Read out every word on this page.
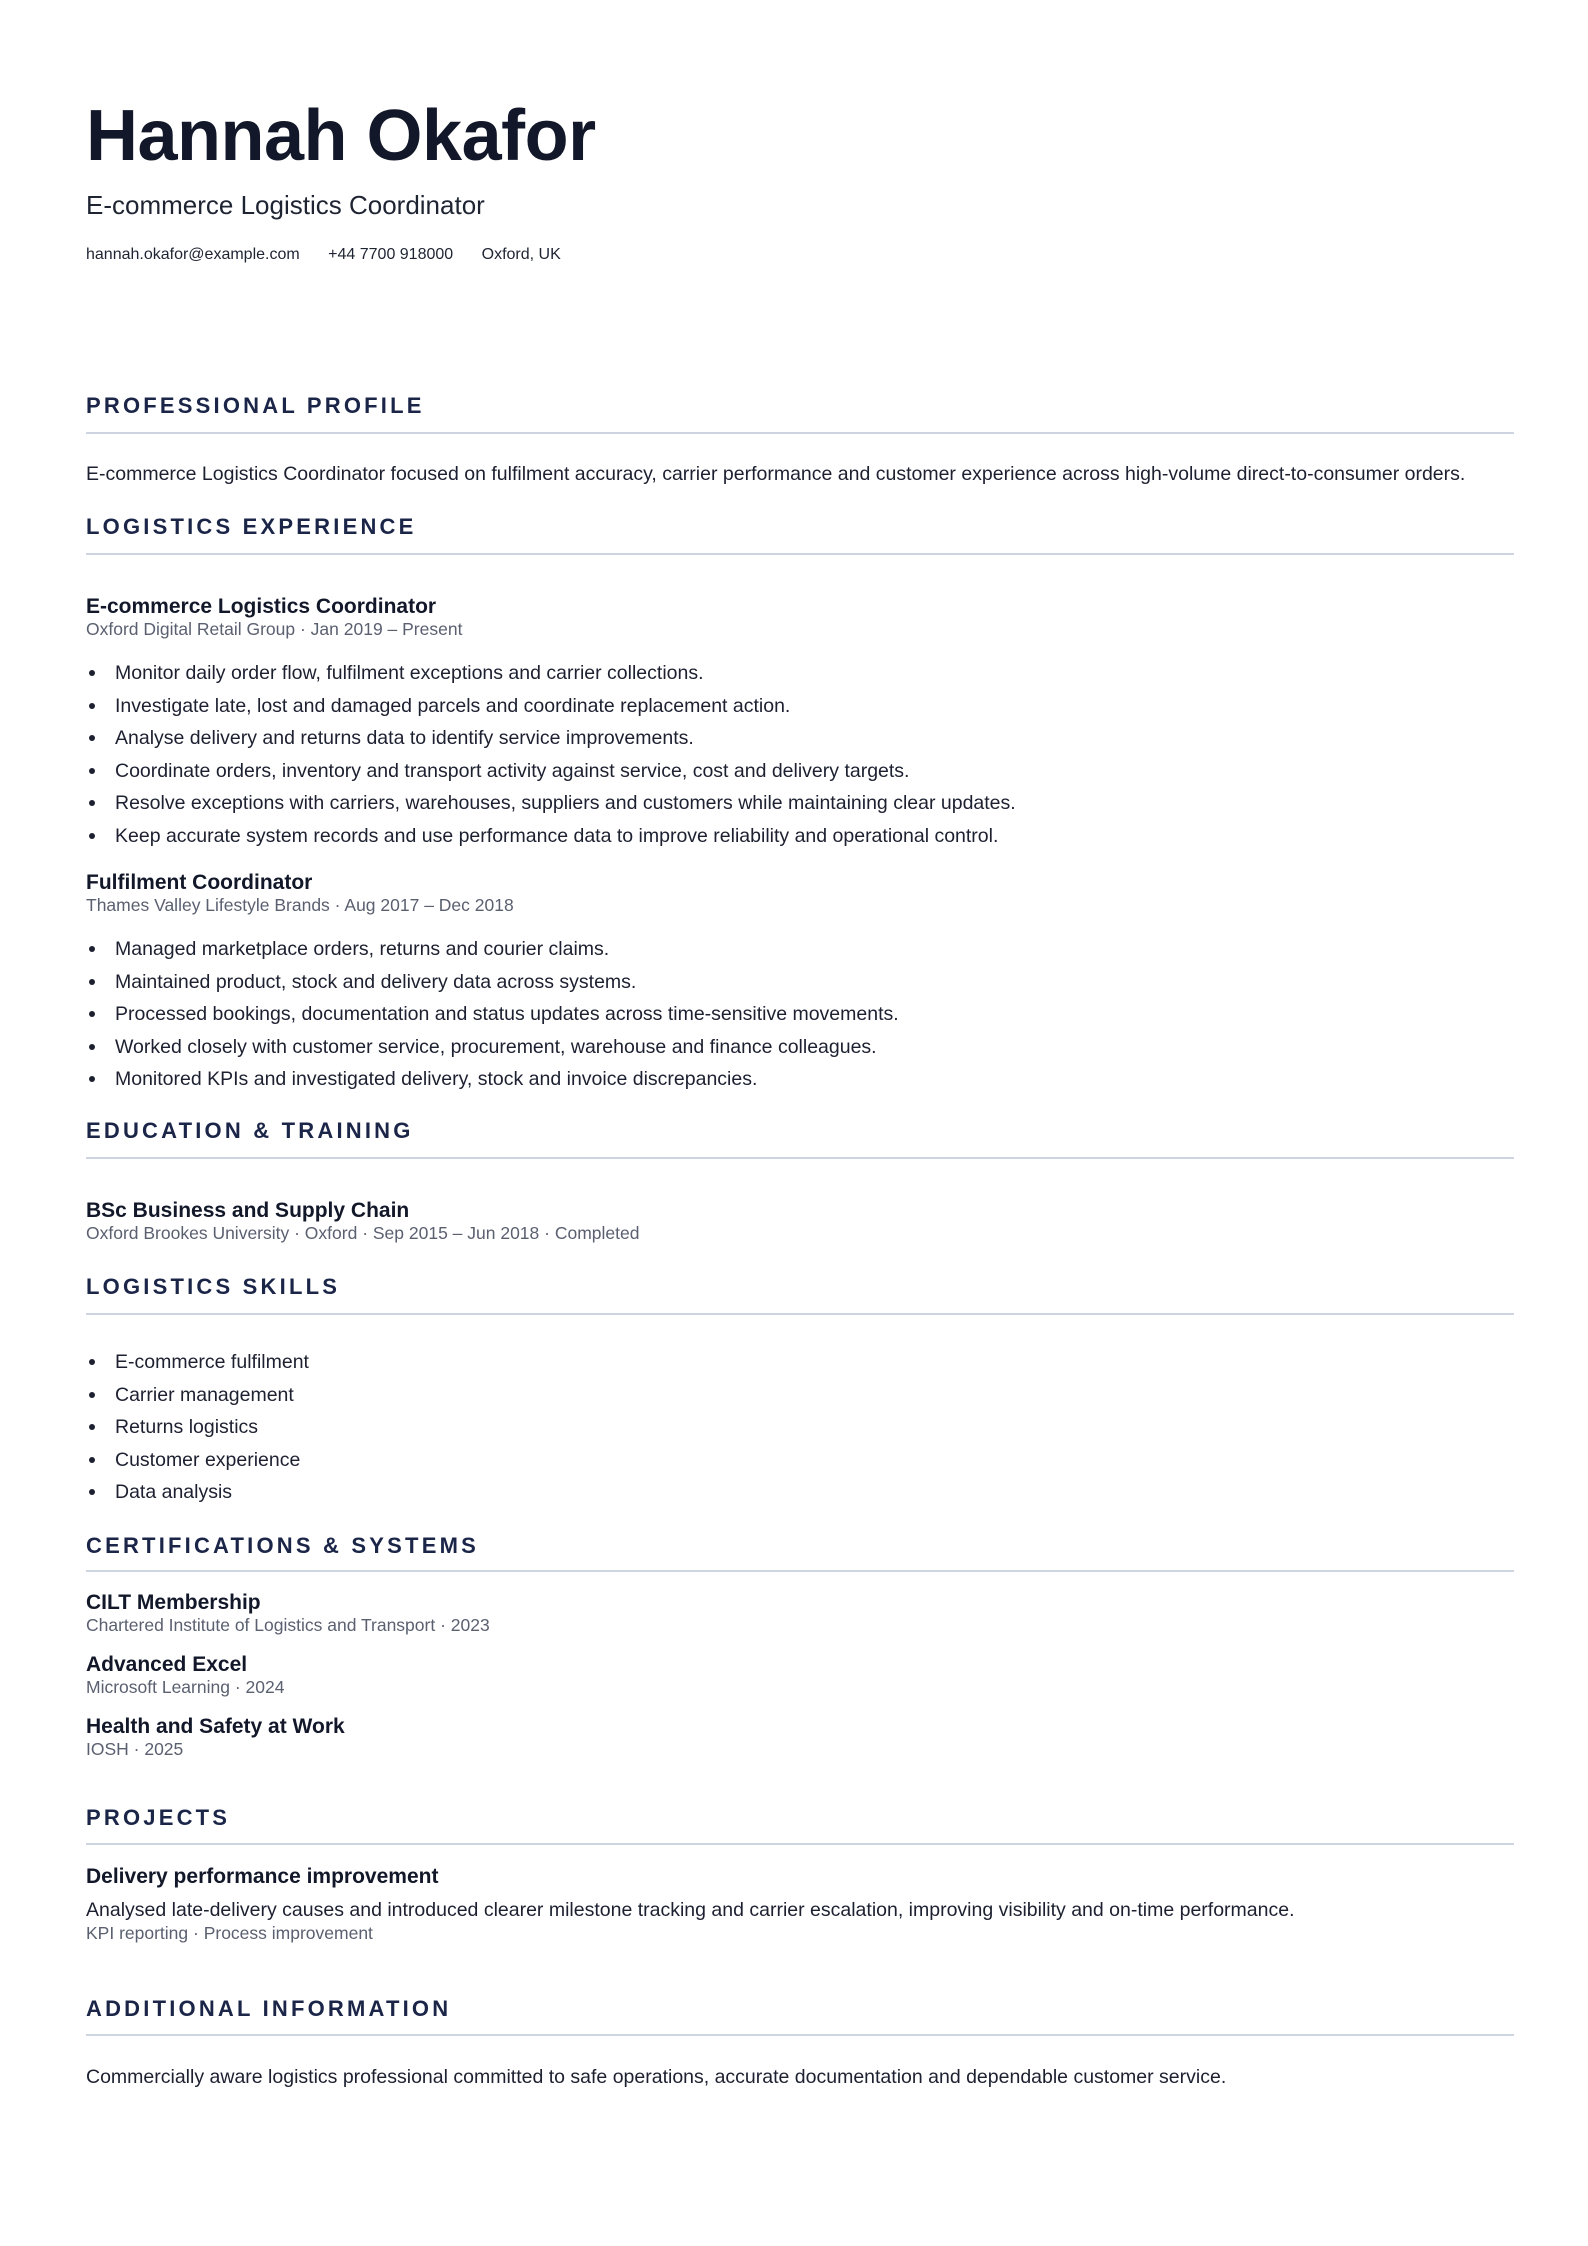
Hannah Okafor
E-commerce Logistics Coordinator
hannah.okafor@example.com +44 7700 918000 Oxford, UK
PROFESSIONAL PROFILE
E-commerce Logistics Coordinator focused on fulfilment accuracy, carrier performance and customer experience across high-volume direct-to-consumer orders.
LOGISTICS EXPERIENCE
E-commerce Logistics Coordinator
Oxford Digital Retail Group · Jan 2019 – Present
Monitor daily order flow, fulfilment exceptions and carrier collections.
Investigate late, lost and damaged parcels and coordinate replacement action.
Analyse delivery and returns data to identify service improvements.
Coordinate orders, inventory and transport activity against service, cost and delivery targets.
Resolve exceptions with carriers, warehouses, suppliers and customers while maintaining clear updates.
Keep accurate system records and use performance data to improve reliability and operational control.
Fulfilment Coordinator
Thames Valley Lifestyle Brands · Aug 2017 – Dec 2018
Managed marketplace orders, returns and courier claims.
Maintained product, stock and delivery data across systems.
Processed bookings, documentation and status updates across time-sensitive movements.
Worked closely with customer service, procurement, warehouse and finance colleagues.
Monitored KPIs and investigated delivery, stock and invoice discrepancies.
EDUCATION & TRAINING
BSc Business and Supply Chain
Oxford Brookes University · Oxford · Sep 2015 – Jun 2018 · Completed
LOGISTICS SKILLS
E-commerce fulfilment
Carrier management
Returns logistics
Customer experience
Data analysis
CERTIFICATIONS & SYSTEMS
CILT Membership
Chartered Institute of Logistics and Transport · 2023
Advanced Excel
Microsoft Learning · 2024
Health and Safety at Work
IOSH · 2025
PROJECTS
Delivery performance improvement
Analysed late-delivery causes and introduced clearer milestone tracking and carrier escalation, improving visibility and on-time performance.
KPI reporting · Process improvement
ADDITIONAL INFORMATION
Commercially aware logistics professional committed to safe operations, accurate documentation and dependable customer service.
